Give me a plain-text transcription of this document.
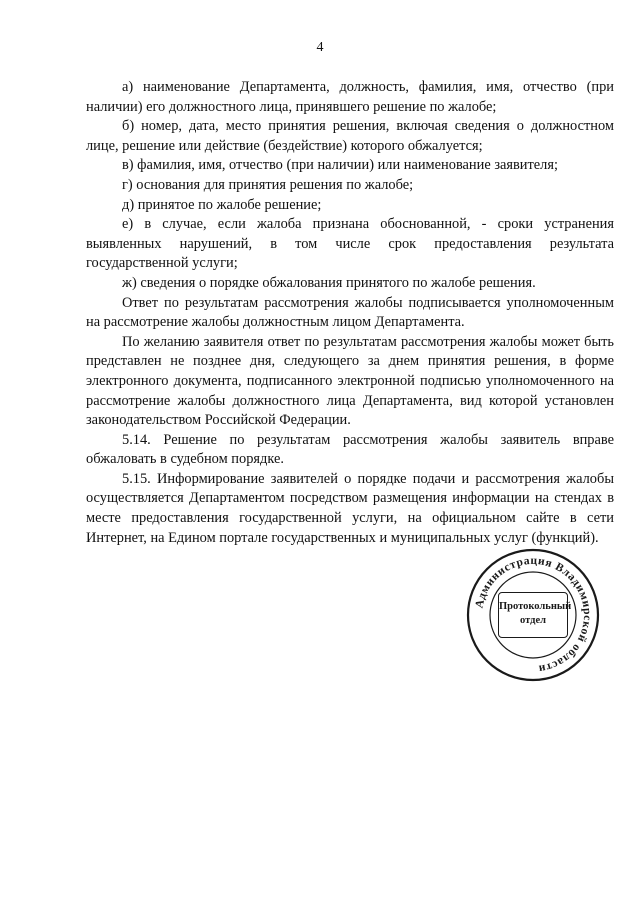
4

а) наименование Департамента, должность, фамилия, имя, отчество (при наличии) его должностного лица, принявшего решение по жалобе;

б) номер, дата, место принятия решения, включая сведения о должностном лице, решение или действие (бездействие) которого обжалуется;

в) фамилия, имя, отчество (при наличии) или наименование заявителя;

г) основания для принятия решения по жалобе;

д) принятое по жалобе решение;

е) в случае, если жалоба признана обоснованной, - сроки устранения выявленных нарушений, в том числе срок предоставления результата государственной услуги;

ж) сведения о порядке обжалования принятого по жалобе решения.

Ответ по результатам рассмотрения жалобы подписывается уполномоченным на рассмотрение жалобы должностным лицом Департамента.

По желанию заявителя ответ по результатам рассмотрения жалобы может быть представлен не позднее дня, следующего за днем принятия решения, в форме электронного документа, подписанного электронной подписью уполномоченного на рассмотрение жалобы должностного лица Департамента, вид которой установлен законодательством Российской Федерации.

5.14. Решение по результатам рассмотрения жалобы заявитель вправе обжаловать в судебном порядке.

5.15. Информирование заявителей о порядке подачи и рассмотрения жалобы осуществляется Департаментом посредством размещения информации на стендах в месте предоставления государственной услуги, на официальном сайте в сети Интернет, на Едином портале государственных и муниципальных услуг (функций).

Администрация Владимирской области
Протокольный
отдел
